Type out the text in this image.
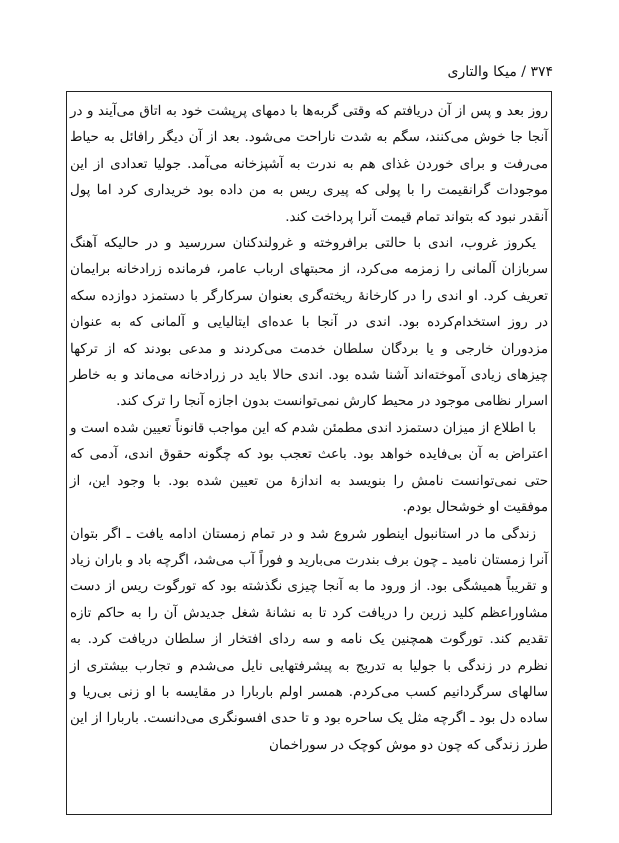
۳۷۴ / میکا والتاری

روز بعد و پس از آن دریافتم که وقتی گربه‌ها با دمهای پرپشت خود به اتاق می‌آیند و در آنجا جا خوش می‌کنند، سگم به شدت ناراحت می‌شود. بعد از آن دیگر رافائل به حیاط می‌رفت و برای خوردن غذای هم به ندرت به آشپزخانه می‌آمد. جولیا تعدادی از این موجودات گرانقیمت را با پولی که پیری ریس به من داده بود خریداری کرد اما پول آنقدر نبود که بتواند تمام قیمت آنرا پرداخت کند.

یکروز غروب، اندی با حالتی برافروخته و غرولندکنان سررسید و در حالیکه آهنگ سربازان آلمانی را زمزمه می‌کرد، از محبتهای ارباب عامر، فرمانده زرادخانه برایمان تعریف کرد. او اندی را در کارخانهٔ ریخته‌گری بعنوان سرکارگر با دستمزد دوازده سکه در روز استخدام‌کرده بود. اندی در آنجا با عده‌ای ایتالیایی و آلمانی که به عنوان مزدوران خارجی و یا بردگان سلطان خدمت می‌کردند و مدعی بودند که از ترکها چیزهای زیادی آموخته‌اند آشنا شده بود. اندی حالا باید در زرادخانه می‌ماند و به خاطر اسرار نظامی موجود در محیط کارش نمی‌توانست بدون اجازه آنجا را ترک کند.

با اطلاع از میزان دستمزد اندی مطمئن شدم که این مواجب قانوناً تعیین شده است و اعتراض به آن بی‌فایده خواهد بود. باعث تعجب بود که چگونه حقوق اندی، آدمی که حتی نمی‌توانست نامش را بنویسد به اندازهٔ من تعیین شده بود. با وجود این، از موفقیت او خوشحال بودم.

زندگی ما در استانبول اینطور شروع شد و در تمام زمستان ادامه یافت ـ اگر بتوان آنرا زمستان نامید ـ چون برف بندرت می‌بارید و فوراً آب می‌شد، اگرچه باد و باران زیاد و تقریباً همیشگی بود. از ورود ما به آنجا چیزی نگذشته بود که تورگوت ریس از دست مشاوراعظم کلید زرین را دریافت کرد تا به نشانهٔ شغل جدیدش آن را به حاکم تازه تقدیم کند. تورگوت همچنین یک نامه و سه ردای افتخار از سلطان دریافت کرد. به نظرم در زندگی با جولیا به تدریج به پیشرفتهایی نایل می‌شدم و تجارب بیشتری از سالهای سرگردانیم کسب می‌کردم. همسر اولم باربارا در مقایسه با او زنی بی‌ریا و ساده دل بود ـ اگرچه مثل یک ساحره بود و تا حدی افسونگری می‌دانست. باربارا از این طرز زندگی که چون دو موش کوچک در سوراخمان
